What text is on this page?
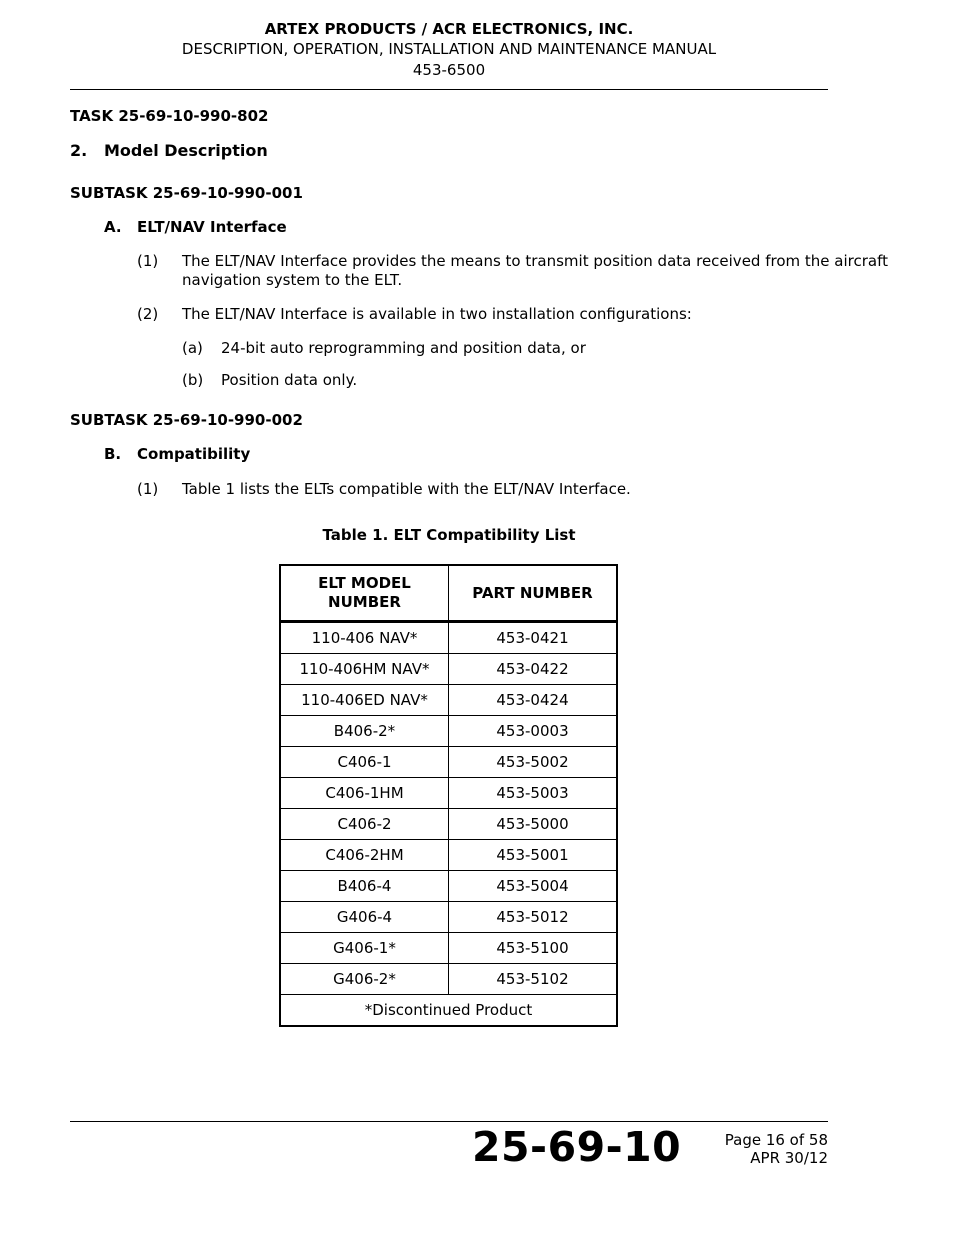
ARTEX PRODUCTS / ACR ELECTRONICS, INC.
DESCRIPTION, OPERATION, INSTALLATION AND MAINTENANCE MANUAL
453-6500
TASK 25-69-10-990-802
2. Model Description
SUBTASK 25-69-10-990-001
A. ELT/NAV Interface
(1) The ELT/NAV Interface provides the means to transmit position data received from the aircraft
navigation system to the ELT.
(2) The ELT/NAV Interface is available in two installation configurations:
(a) 24-bit auto reprogramming and position data, or
(b) Position data only.
SUBTASK 25-69-10-990-002
B. Compatibility
(1) Table 1 lists the ELTs compatible with the ELT/NAV Interface.
Table 1. ELT Compatibility List
ELT MODEL
NUMBER	PART NUMBER
110-406 NAV*	453-0421
110-406HM NAV*	453-0422
110-406ED NAV*	453-0424
B406-2*	453-0003
C406-1	453-5002
C406-1HM	453-5003
C406-2	453-5000
C406-2HM	453-5001
B406-4	453-5004
G406-4	453-5012
G406-1*	453-5100
G406-2*	453-5102
*Discontinued Product	
25-69-10	Page 16 of 58
APR 30/12
